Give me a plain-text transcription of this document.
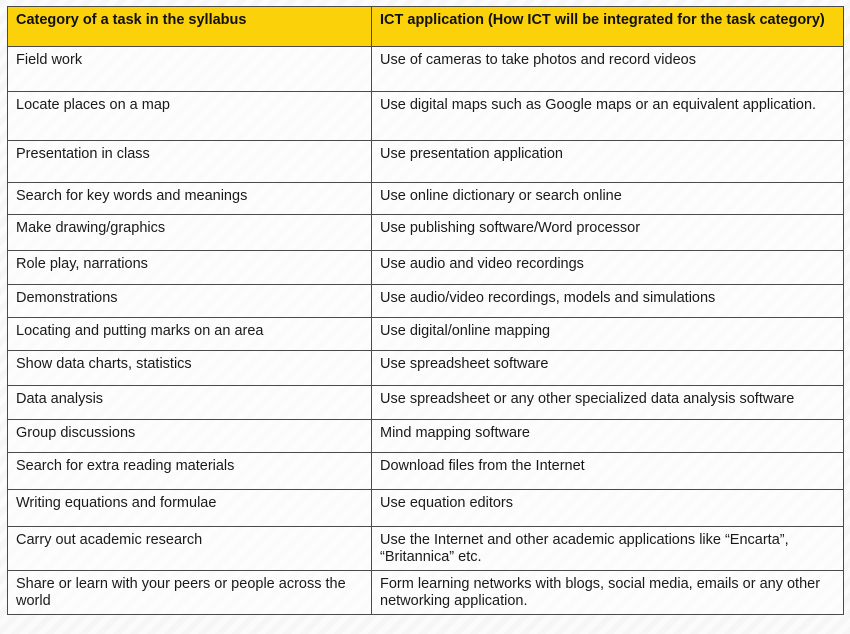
Category of a task in the syllabus	ICT application (How ICT will be integrated for the task category)
Field work	Use of cameras to take photos and record videos
Locate places on a map	Use digital maps such as Google maps or an equivalent application.
Presentation in class	Use presentation application
Search for key words and meanings	Use online dictionary or search online
Make drawing/graphics	Use publishing software/Word processor
Role play, narrations	Use audio and video recordings
Demonstrations	Use audio/video recordings, models and simulations
Locating and putting marks on an area	Use digital/online mapping
Show data charts, statistics	Use spreadsheet software
Data analysis	Use spreadsheet or any other specialized data analysis software
Group discussions	Mind mapping software
Search for extra reading materials	Download files from the Internet
Writing equations and formulae	Use equation editors
Carry out academic research	Use the Internet and other academic applications like “Encarta”, “Britannica” etc.
Share or learn with your peers or people across the world	Form learning networks with blogs, social media, emails or any other networking application.
